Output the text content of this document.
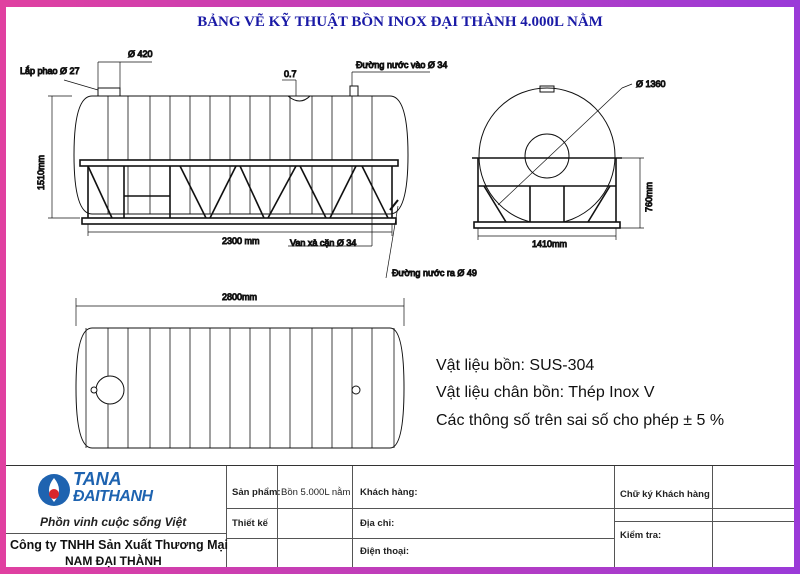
BẢNG VẼ KỸ THUẬT BỒN INOX ĐẠI THÀNH 4.000L NẰM
Lắp phao Ø 27
Ø 420
0.7
Đường nước vào Ø 34
1510mm
2300 mm	Van xả cặn Ø 34
Đường nước ra Ø 49
Ø 1360
760mm
1410mm
2800mm
Vật liệu bồn: SUS-304
Vật liệu chân bồn: Thép Inox V
Các thông số trên sai số cho phép ± 5 %
TANA
ĐAITHANH
Phồn vinh cuộc sống Việt
Công ty TNHH Sản Xuất Thương Mại
NAM ĐẠI THÀNH
Sản phẩm: Bồn 5.000L nằm
Thiết kế
Khách hàng:
Địa chỉ:
Điện thoại:
Chữ ký Khách hàng
Kiểm tra:
